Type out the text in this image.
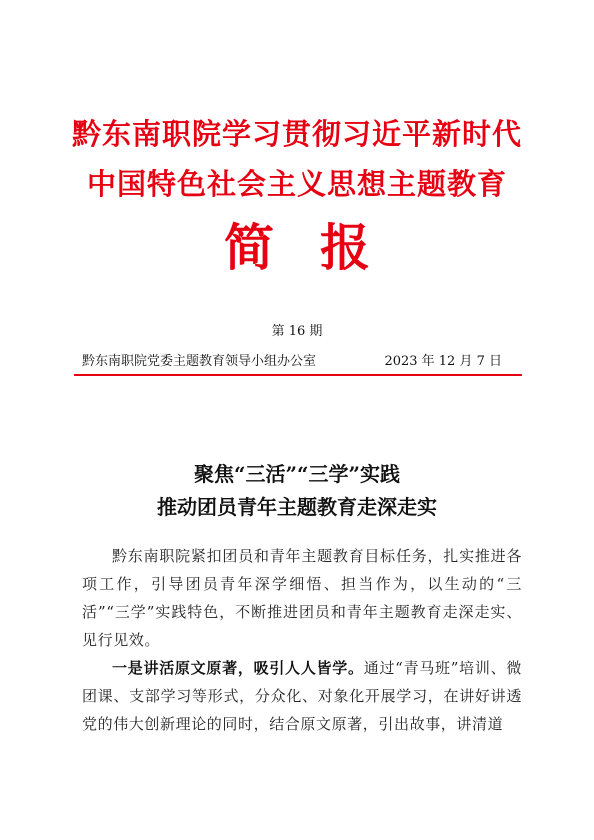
黔东南职院学习贯彻习近平新时代
中国特色社会主义思想主题教育
简报
第 16 期
黔东南职院党委主题教育领导小组办公室	2023 年 12 月 7 日
聚焦“三活”“三学”实践
推动团员青年主题教育走深走实

黔东南职院紧扣团员和青年主题教育目标任务，扎实推进各项工作，引导团员青年深学细悟、担当作为，以生动的“三活”“三学”实践特色，不断推进团员和青年主题教育走深走实、见行见效。

一是讲活原文原著，吸引人人皆学。通过“青马班”培训、微团课、支部学习等形式，分众化、对象化开展学习，在讲好讲透党的伟大创新理论的同时，结合原文原著，引出故事，讲清道
